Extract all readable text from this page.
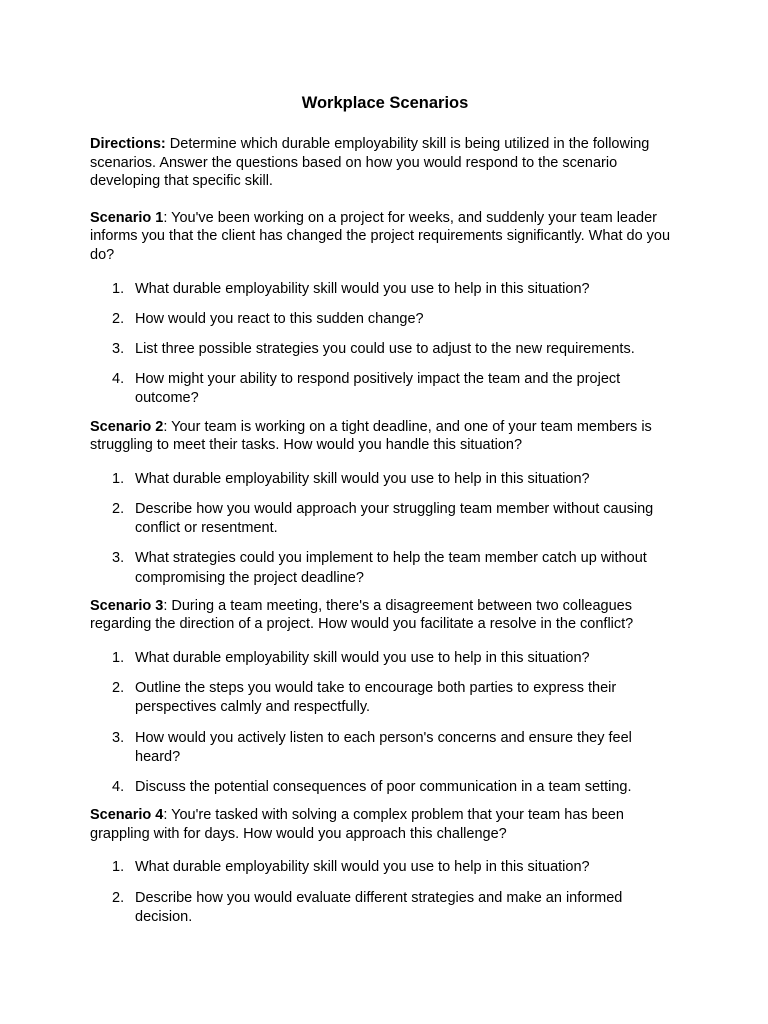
Workplace Scenarios
Directions: Determine which durable employability skill is being utilized in the following scenarios. Answer the questions based on how you would respond to the scenario developing that specific skill.
Scenario 1: You've been working on a project for weeks, and suddenly your team leader informs you that the client has changed the project requirements significantly. What do you do?
1. What durable employability skill would you use to help in this situation?
2. How would you react to this sudden change?
3. List three possible strategies you could use to adjust to the new requirements.
4. How might your ability to respond positively impact the team and the project outcome?
Scenario 2: Your team is working on a tight deadline, and one of your team members is struggling to meet their tasks. How would you handle this situation?
1. What durable employability skill would you use to help in this situation?
2. Describe how you would approach your struggling team member without causing conflict or resentment.
3. What strategies could you implement to help the team member catch up without compromising the project deadline?
Scenario 3: During a team meeting, there's a disagreement between two colleagues regarding the direction of a project. How would you facilitate a resolve in the conflict?
1. What durable employability skill would you use to help in this situation?
2. Outline the steps you would take to encourage both parties to express their perspectives calmly and respectfully.
3. How would you actively listen to each person's concerns and ensure they feel heard?
4. Discuss the potential consequences of poor communication in a team setting.
Scenario 4: You're tasked with solving a complex problem that your team has been grappling with for days. How would you approach this challenge?
1. What durable employability skill would you use to help in this situation?
2. Describe how you would evaluate different strategies and make an informed decision.
